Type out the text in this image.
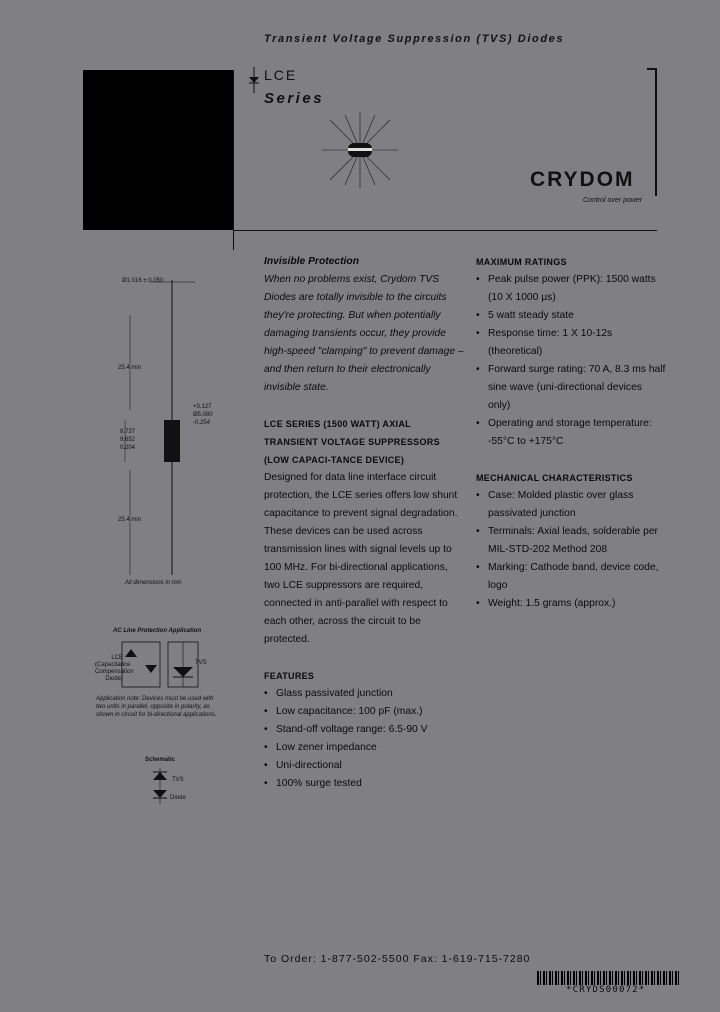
Transient Voltage Suppression (TVS) Diodes
LCE
Series
CRYDOM
Control over power
Ø1.016 ± 0.050
25.4 min
8.737
9.652
0.204
+0.127
Ø5.080
-0.254
25.4 min
All dimensions in mm
AC Line Protection Application
LCE
(Capacitance
Compensation
Diode)
TVS
Application note: Devices must be used with two units in parallel, opposite in polarity, as shown in circuit for bi-directional applications.
Schematic
TVS
Diode
Invisible Protection
When no problems exist, Crydom TVS Diodes are totally invisible to the circuits they're protecting. But when potentially damaging transients occur, they provide high-speed "clamping" to prevent damage – and then return to their electronically invisible state.
LCE SERIES (1500 WATT) AXIAL TRANSIENT VOLTAGE SUPPRESSORS (LOW CAPACI-TANCE DEVICE)
Designed for data line interface circuit protection, the LCE series offers low shunt capacitance to prevent signal degradation. These devices can be used across transmission lines with signal levels up to 100 MHz. For bi-directional applications, two LCE suppressors are required, connected in anti-parallel with respect to each other, across the circuit to be protected.
FEATURES
• Glass passivated junction
• Low capacitance: 100 pF (max.)
• Stand-off voltage range: 6.5-90 V
• Low zener impedance
• Uni-directional
• 100% surge tested
MAXIMUM RATINGS
• Peak pulse power (PPK): 1500 watts (10 X 1000 µs)
• 5 watt steady state
• Response time: 1 X 10-12s (theoretical)
• Forward surge rating: 70 A, 8.3 ms half sine wave (uni-directional devices only)
• Operating and storage temperature: -55°C to +175°C
MECHANICAL CHARACTERISTICS
• Case: Molded plastic over glass passivated junction
• Terminals: Axial leads, solderable per MIL-STD-202 Method 208
• Marking: Cathode band, device code, logo
• Weight: 1.5 grams (approx.)
To Order: 1-877-502-5500 Fax: 1-619-715-7280
*CRYDS00072*
